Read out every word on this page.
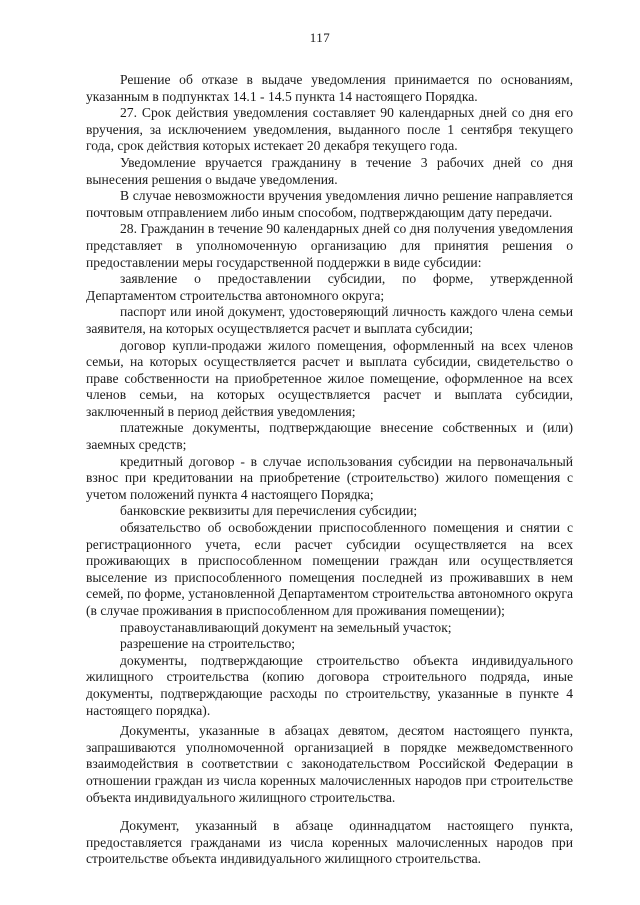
117

Решение об отказе в выдаче уведомления принимается по основаниям, указанным в подпунктах 14.1 - 14.5 пункта 14 настоящего Порядка.

27. Срок действия уведомления составляет 90 календарных дней со дня его вручения, за исключением уведомления, выданного после 1 сентября текущего года, срок действия которых истекает 20 декабря текущего года.

Уведомление вручается гражданину в течение 3 рабочих дней со дня вынесения решения о выдаче уведомления.

В случае невозможности вручения уведомления лично решение направляется почтовым отправлением либо иным способом, подтверждающим дату передачи.

28. Гражданин в течение 90 календарных дней со дня получения уведомления представляет в уполномоченную организацию для принятия решения о предоставлении меры государственной поддержки в виде субсидии:

заявление о предоставлении субсидии, по форме, утвержденной Департаментом строительства автономного округа;

паспорт или иной документ, удостоверяющий личность каждого члена семьи заявителя, на которых осуществляется расчет и выплата субсидии;

договор купли-продажи жилого помещения, оформленный на всех членов семьи, на которых осуществляется расчет и выплата субсидии, свидетельство о праве собственности на приобретенное жилое помещение, оформленное на всех членов семьи, на которых осуществляется расчет и выплата субсидии, заключенный в период действия уведомления;

платежные документы, подтверждающие внесение собственных и (или) заемных средств;

кредитный договор - в случае использования субсидии на первоначальный взнос при кредитовании на приобретение (строительство) жилого помещения с учетом положений пункта 4 настоящего Порядка;

банковские реквизиты для перечисления субсидии;

обязательство об освобождении приспособленного помещения и снятии с регистрационного учета, если расчет субсидии осуществляется на всех проживающих в приспособленном помещении граждан или осуществляется выселение из приспособленного помещения последней из проживавших в нем семей, по форме, установленной Департаментом строительства автономного округа (в случае проживания в приспособленном для проживания помещении);

правоустанавливающий документ на земельный участок;

разрешение на строительство;

документы, подтверждающие строительство объекта индивидуального жилищного строительства (копию договора строительного подряда, иные документы, подтверждающие расходы по строительству, указанные в пункте 4 настоящего порядка).

Документы, указанные в абзацах девятом, десятом настоящего пункта, запрашиваются уполномоченной организацией в порядке межведомственного взаимодействия в соответствии с законодательством Российской Федерации в отношении граждан из числа коренных малочисленных народов при строительстве объекта индивидуального жилищного строительства.

Документ, указанный в абзаце одиннадцатом настоящего пункта, предоставляется гражданами из числа коренных малочисленных народов при строительстве объекта индивидуального жилищного строительства.
